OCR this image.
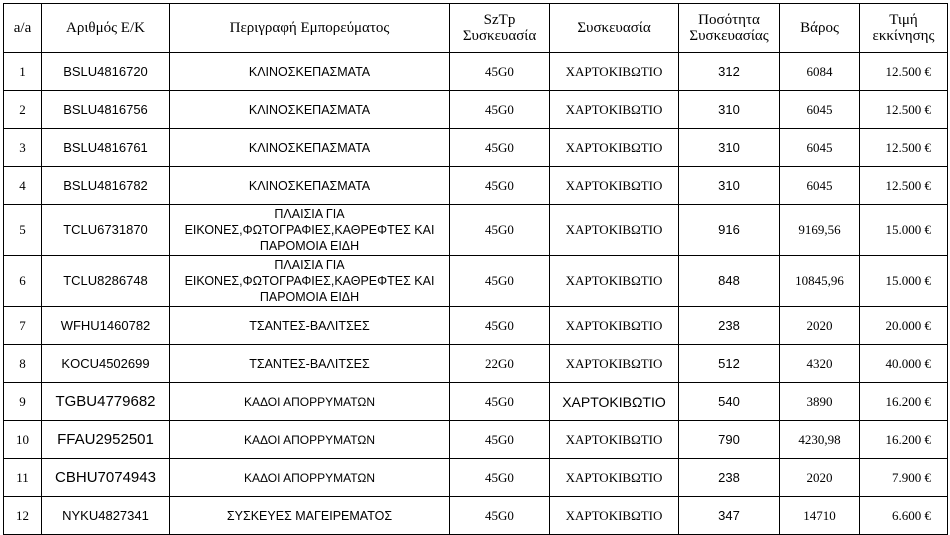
a/a	Αριθμός Ε/Κ	Περιγραφή Εμπορεύματος	SzTp Συσκευασία	Συσκευασία	Ποσότητα Συσκευασίας	Βάρος	Τιμή εκκίνησης
1	BSLU4816720	ΚΛΙΝΟΣΚΕΠΑΣΜΑΤΑ	45G0	ΧΑΡΤΟΚΙΒΩΤΙΟ	312	6084	12.500 €
2	BSLU4816756	ΚΛΙΝΟΣΚΕΠΑΣΜΑΤΑ	45G0	ΧΑΡΤΟΚΙΒΩΤΙΟ	310	6045	12.500 €
3	BSLU4816761	ΚΛΙΝΟΣΚΕΠΑΣΜΑΤΑ	45G0	ΧΑΡΤΟΚΙΒΩΤΙΟ	310	6045	12.500 €
4	BSLU4816782	ΚΛΙΝΟΣΚΕΠΑΣΜΑΤΑ	45G0	ΧΑΡΤΟΚΙΒΩΤΙΟ	310	6045	12.500 €
5	TCLU6731870	ΠΛΑΙΣΙΑ ΓΙΑ ΕΙΚΟΝΕΣ,ΦΩΤΟΓΡΑΦΙΕΣ,ΚΑΘΡΕΦΤΕΣ ΚΑΙ ΠΑΡΟΜΟΙΑ ΕΙΔΗ	45G0	ΧΑΡΤΟΚΙΒΩΤΙΟ	916	9169,56	15.000 €
6	TCLU8286748	ΠΛΑΙΣΙΑ ΓΙΑ ΕΙΚΟΝΕΣ,ΦΩΤΟΓΡΑΦΙΕΣ,ΚΑΘΡΕΦΤΕΣ ΚΑΙ ΠΑΡΟΜΟΙΑ ΕΙΔΗ	45G0	ΧΑΡΤΟΚΙΒΩΤΙΟ	848	10845,96	15.000 €
7	WFHU1460782	ΤΣΑΝΤΕΣ-ΒΑΛΙΤΣΕΣ	45G0	ΧΑΡΤΟΚΙΒΩΤΙΟ	238	2020	20.000 €
8	KOCU4502699	ΤΣΑΝΤΕΣ-ΒΑΛΙΤΣΕΣ	22G0	ΧΑΡΤΟΚΙΒΩΤΙΟ	512	4320	40.000 €
9	TGBU4779682	ΚΑΔΟΙ ΑΠΟΡΡΥΜΑΤΩΝ	45G0	ΧΑΡΤΟΚΙΒΩΤΙΟ	540	3890	16.200 €
10	FFAU2952501	ΚΑΔΟΙ ΑΠΟΡΡΥΜΑΤΩΝ	45G0	ΧΑΡΤΟΚΙΒΩΤΙΟ	790	4230,98	16.200 €
11	CBHU7074943	ΚΑΔΟΙ ΑΠΟΡΡΥΜΑΤΩΝ	45G0	ΧΑΡΤΟΚΙΒΩΤΙΟ	238	2020	7.900 €
12	NYKU4827341	ΣΥΣΚΕΥΕΣ ΜΑΓΕΙΡΕΜΑΤΟΣ	45G0	ΧΑΡΤΟΚΙΒΩΤΙΟ	347	14710	6.600 €
